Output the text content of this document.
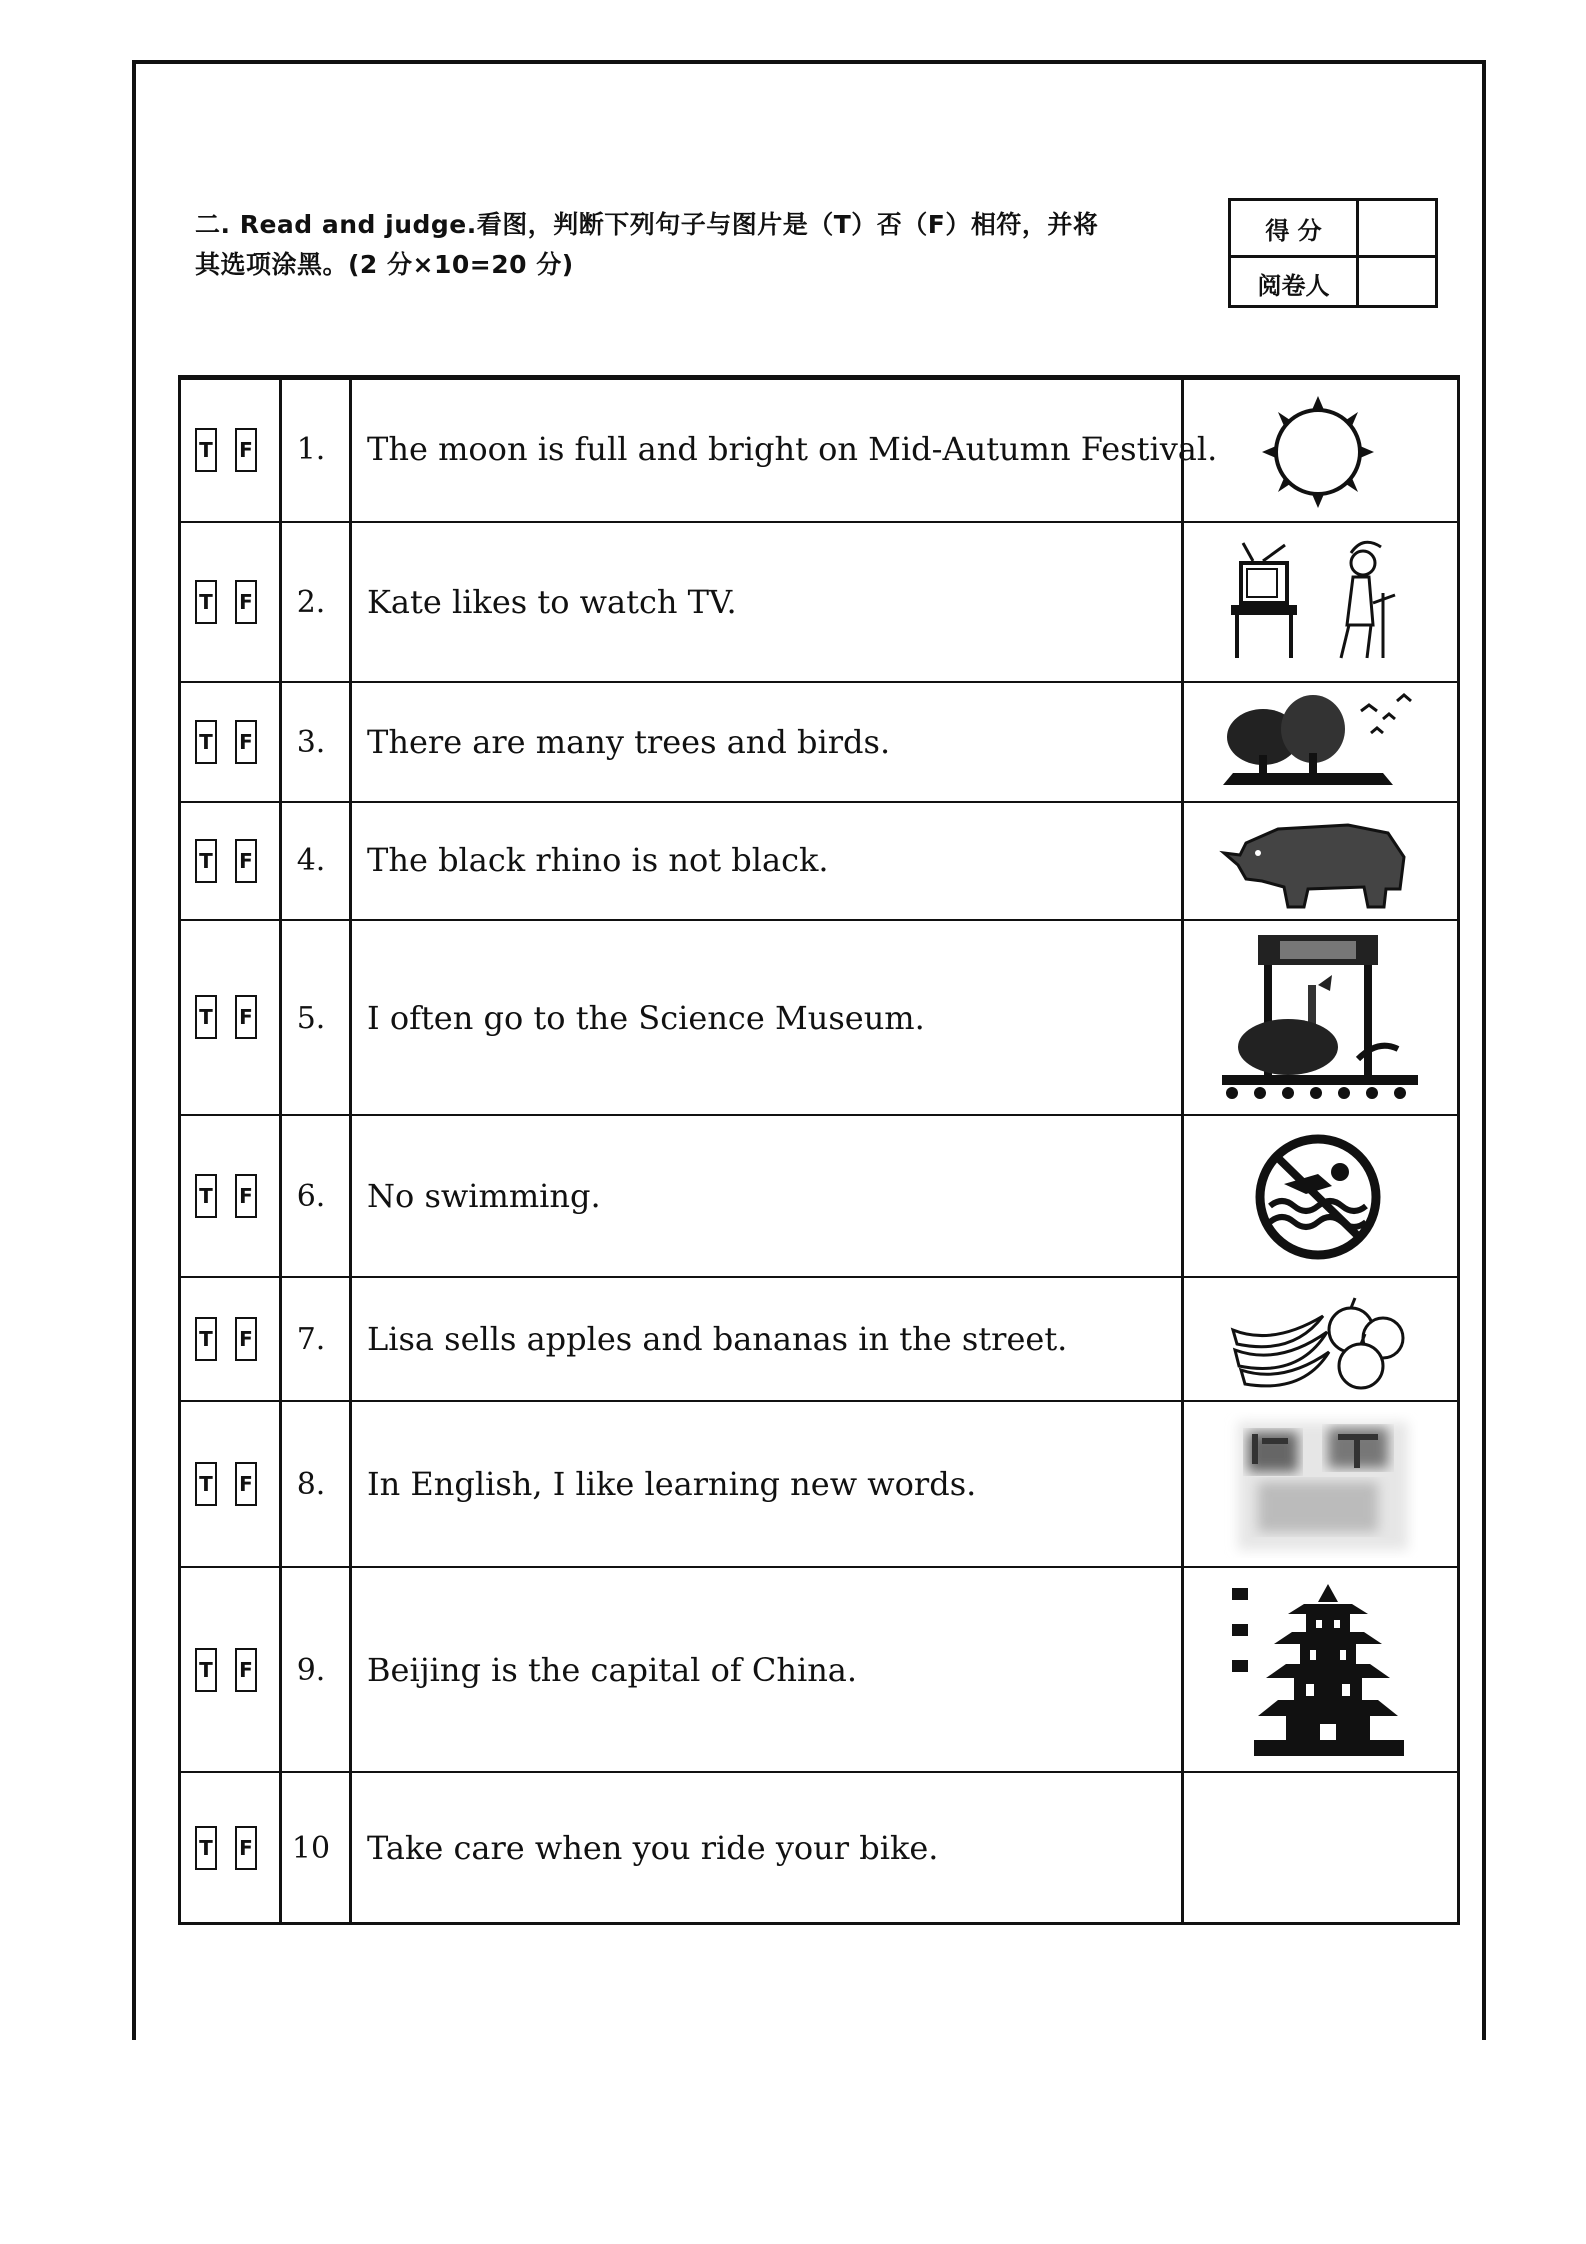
二. Read and judge.看图，判断下列句子与图片是（T）否（F）相符，并将
其选项涂黑。(2 分×10=20 分)
得 分
阅卷人
T F	1.	The moon is full and bright on Mid-Autumn Festival.
T F	2.	Kate likes to watch TV.
T F	3.	There are many trees and birds.
T F	4.	The black rhino is not black.
T F	5.	I often go to the Science Museum.
T F	6.	No swimming.
T F	7.	Lisa sells apples and bananas in the street.
T F	8.	In English, I like learning new words.
T F	9.	Beijing is the capital of China.
T F	10	Take care when you ride your bike.
